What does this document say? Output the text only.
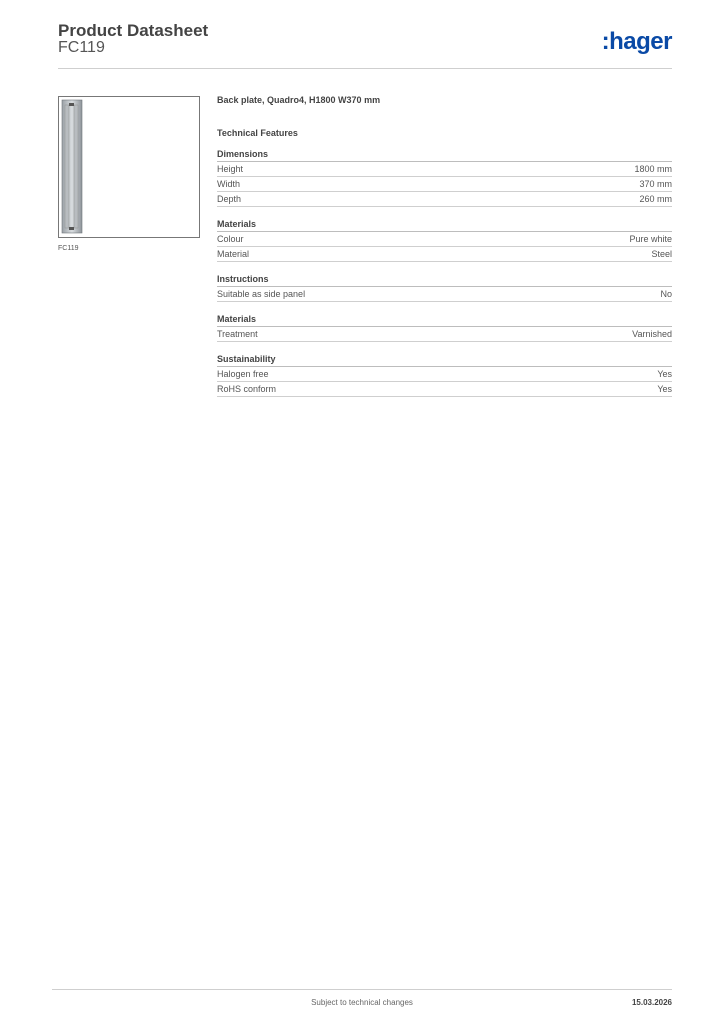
Product Datasheet
FC119	:hager
FC119
Back plate, Quadro4, H1800 W370 mm
Technical Features
Dimensions
Height	1800 mm
Width	370 mm
Depth	260 mm
Materials
Colour	Pure white
Material	Steel
Instructions
Suitable as side panel	No
Materials
Treatment	Varnished
Sustainability
Halogen free	Yes
RoHS conform	Yes
Subject to technical changes	15.03.2026
